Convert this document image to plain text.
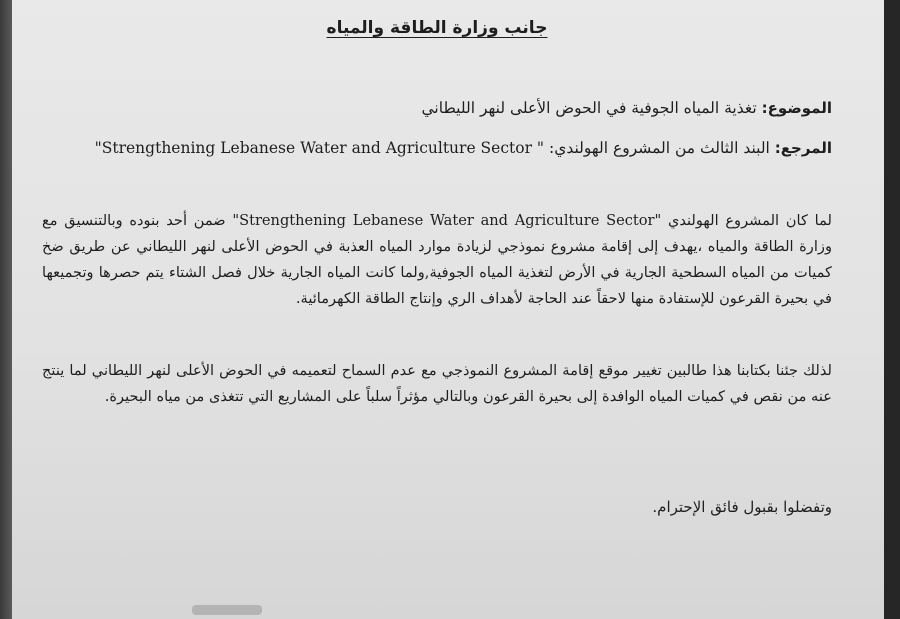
جانب وزارة الطاقة والمياه
الموضوع: تغذية المياه الجوفية في الحوض الأعلى لنهر الليطاني
المرجع: البند الثالث من المشروع الهولندي: " Strengthening Lebanese Water and Agriculture Sector"
لما كان المشروع الهولندي "Strengthening Lebanese Water and Agriculture Sector" ضمن أحد بنوده وبالتنسيق مع وزارة الطاقة والمياه ،يهدف إلى إقامة مشروع نموذجي لزيادة موارد المياه العذبة في الحوض الأعلى لنهر الليطاني عن طريق ضخ كميات من المياه السطحية الجارية في الأرض لتغذية المياه الجوفية,ولما كانت المياه الجارية خلال فصل الشتاء يتم حصرها وتجميعها في بحيرة القرعون للإستفادة منها لاحقاً عند الحاجة لأهداف الري وإنتاج الطاقة الكهرمائية.
لذلك جئنا بكتابنا هذا طالبين تغيير موقع إقامة المشروع النموذجي مع عدم السماح لتعميمه في الحوض الأعلى لنهر الليطاني لما ينتج عنه من نقص في كميات المياه الوافدة إلى بحيرة القرعون وبالتالي مؤثراً سلباً على المشاريع التي تتغذى من مياه البحيرة.
وتفضلوا بقبول فائق الإحترام.
